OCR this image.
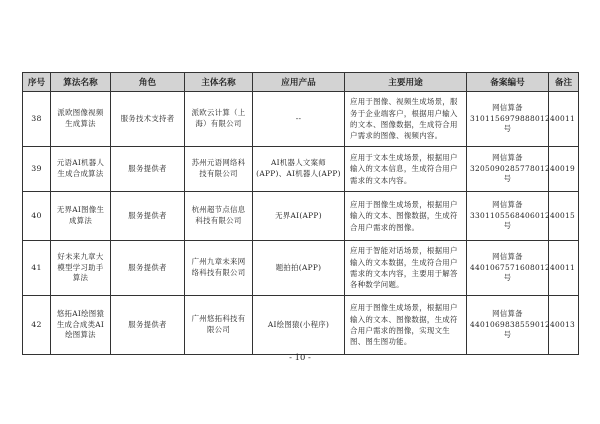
序号	算法名称	角色	主体名称	应用产品	主要用途	备案编号	备注
38	派欧图像视频生成算法	服务技术支持者	派欧云计算（上海）有限公司	--	应用于图像、视频生成场景，服务于企业端客户，根据用户输入的文本、图像数据，生成符合用户需求的图像、视频内容。	网信算备310115697988801240011号	
39	元语AI机器人生成合成算法	服务提供者	苏州元语网络科技有限公司	AI机器人文案师(APP)、AI机器人(APP)	应用于文本生成场景，根据用户输入的文本信息，生成符合用户需求的文本内容。	网信算备320509028577801240019号	
40	无界AI图像生成算法	服务提供者	杭州超节点信息科技有限公司	无界AI(APP)	应用于图像生成场景，根据用户输入的文本、图像数据，生成符合用户需求的图像。	网信算备330110556840601240015号	
41	好未来九章大模型学习助手算法	服务提供者	广州九章未来网络科技有限公司	题拍拍(APP)	应用于智能对话场景，根据用户输入的文本数据，生成符合用户需求的文本内容，主要用于解答各种数学问题。	网信算备440106757160801240011号	
42	悠拓AI绘图猿生成合成类AI绘图算法	服务提供者	广州悠拓科技有限公司	AI绘图猿(小程序)	应用于图像生成场景，根据用户输入的文本、图像数据，生成符合用户需求的图像，实现文生图、图生图功能。	网信算备440106983855901240013号	
- 10 -
